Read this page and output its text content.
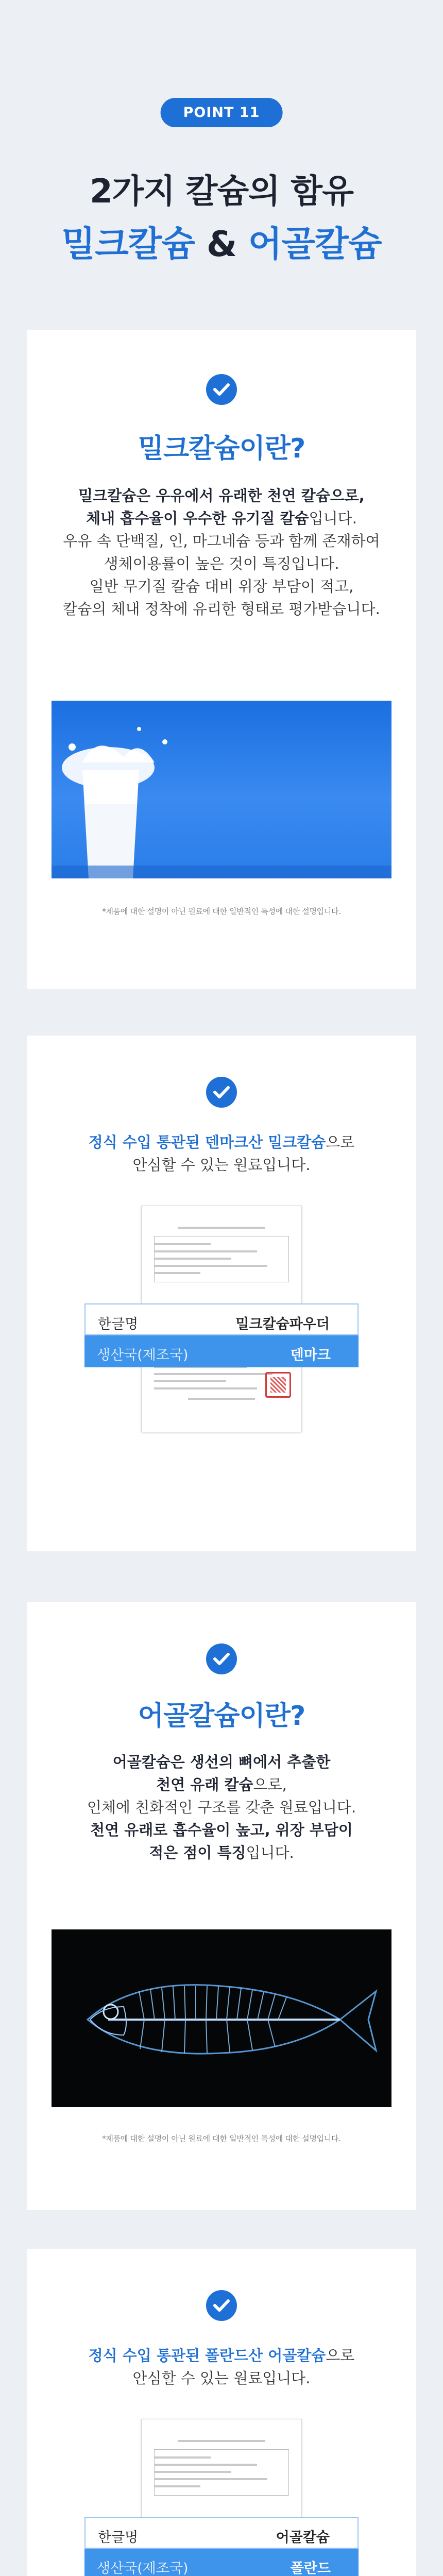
POINT 11
2가지 칼슘의 함유
밀크칼슘 & 어골칼슘
밀크칼슘이란?
밀크칼슘은 우유에서 유래한 천연 칼슘으로,
체내 흡수율이 우수한 유기질 칼슘입니다.
우유 속 단백질, 인, 마그네슘 등과 함께 존재하여
생체이용률이 높은 것이 특징입니다.
일반 무기질 칼슘 대비 위장 부담이 적고,
칼슘의 체내 정착에 유리한 형태로 평가받습니다.
*제품에 대한 설명이 아닌 원료에 대한 일반적인 특성에 대한 설명입니다.
정식 수입 통관된 덴마크산 밀크칼슘으로
안심할 수 있는 원료입니다.
한글명	밀크칼슘파우더
생산국(제조국)	덴마크
어골칼슘이란?
어골칼슘은 생선의 뼈에서 추출한
천연 유래 칼슘으로,
인체에 친화적인 구조를 갖춘 원료입니다.
천연 유래로 흡수율이 높고, 위장 부담이
적은 점이 특징입니다.
*제품에 대한 설명이 아닌 원료에 대한 일반적인 특성에 대한 설명입니다.
정식 수입 통관된 폴란드산 어골칼슘으로
안심할 수 있는 원료입니다.
한글명	어골칼슘
생산국(제조국)	폴란드
